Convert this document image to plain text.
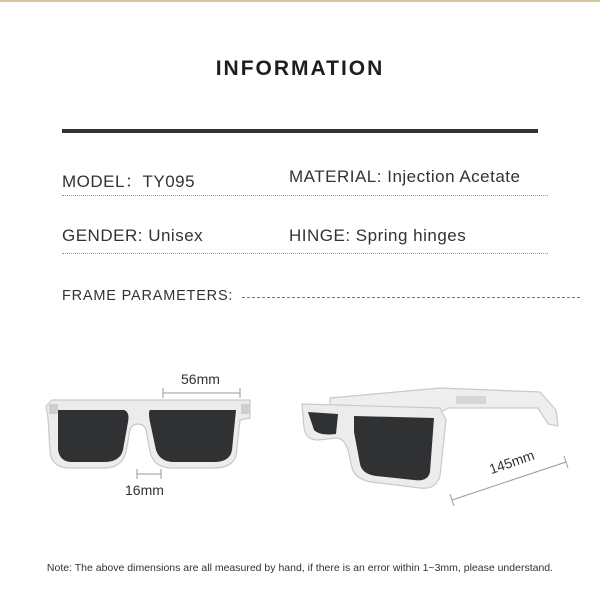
INFORMATION
MODEL：TY095	MATERIAL: Injection Acetate
GENDER: Unisex	HINGE: Spring hinges
FRAME PARAMETERS:
56mm
16mm
145mm
Note: The above dimensions are all measured by hand, if there is an error within 1~3mm, please understand.
